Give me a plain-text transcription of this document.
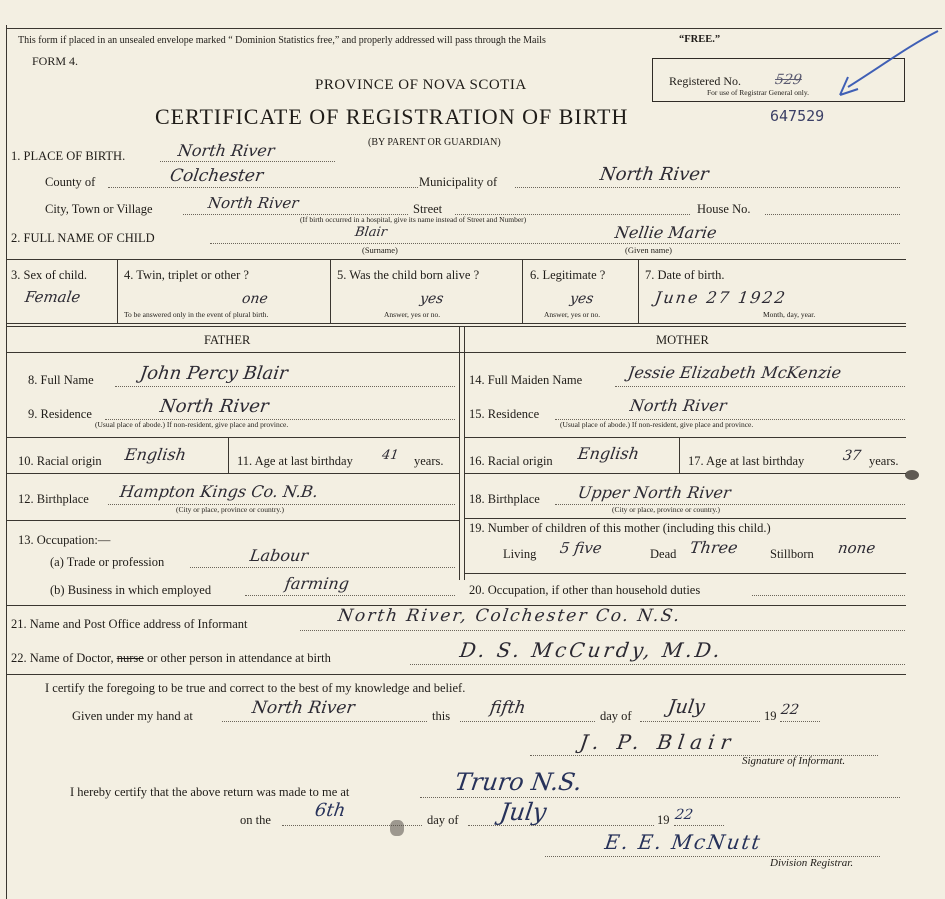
This form if placed in an unsealed envelope marked “ Dominion Statistics free,” and properly addressed will pass through the Mails	“FREE.”
FORM 4.
PROVINCE OF NOVA SCOTIA
CERTIFICATE OF REGISTRATION OF BIRTH	647529
(BY PARENT OR GUARDIAN)
Registered No. 529
For use of Registrar General only.
1. PLACE OF BIRTH.	North River
County of	Colchester	Municipality of	North River
City, Town or Village	North River	Street	House No.
(If birth occurred in a hospital, give its name instead of Street and Number)
2. FULL NAME OF CHILD	Blair	Nellie Marie
(Surname)	(Given name)
3. Sex of child.
Female
4. Twin, triplet or other ?
one
To be answered only in the event of plural birth.
5. Was the child born alive ?
yes
Answer, yes or no.
6. Legitimate ?
yes
Answer, yes or no.
7. Date of birth.
June 27 1922
Month, day, year.
FATHER	MOTHER
8. Full Name John Percy Blair
9. Residence	North River
(Usual place of abode.) If non-resident, give place and province.
10. Racial origin English	11. Age at last birthday 41 years.
12. Birthplace Hampton Kings Co. N.B.
(City or place, province or country.)
13. Occupation:—
(a) Trade or profession	Labour
(b) Business in which employed	farming
14. Full Maiden Name	Jessie Elizabeth McKenzie
15. Residence	North River
(Usual place of abode.) If non-resident, give place and province.
16. Racial origin English	17. Age at last birthday	37 years.
18. Birthplace Upper North River
(City or place, province or country.)
19. Number of children of this mother (including this child.)
Living 5 five	Dead Three Stillborn none
20. Occupation, if other than household duties
21. Name and Post Office address of Informant	North River, Colchester Co. N.S.
22. Name of Doctor, nurse or other person in attendance at birth	D. S. McCurdy, M.D.
I certify the foregoing to be true and correct to the best of my knowledge and belief.
Given under my hand at	North River	this fifth	day of July	19 22
J. P. Blair
Signature of Informant.
I hereby certify that the above return was made to me at	Truro N.S.
on the 6th	day of July	19 22
E. E. McNutt
Division Registrar.
